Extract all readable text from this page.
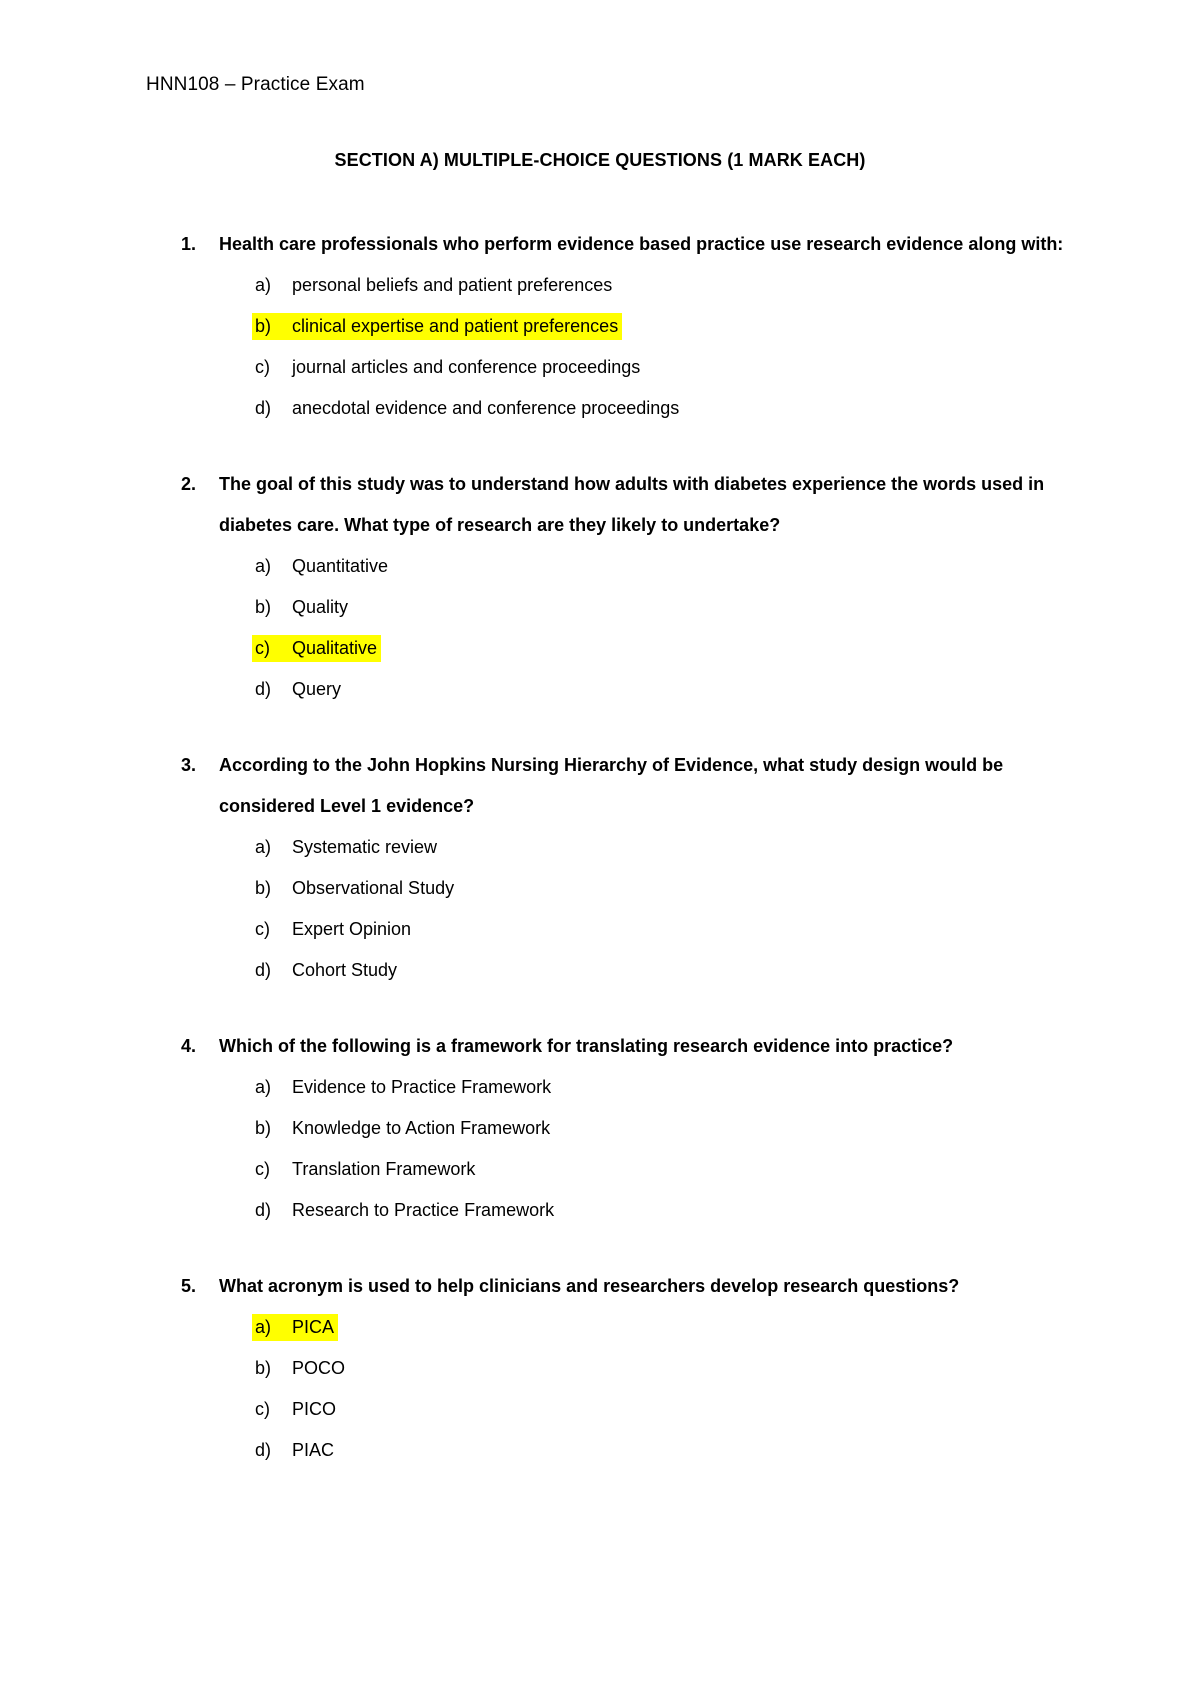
HNN108 – Practice Exam
SECTION A) MULTIPLE-CHOICE QUESTIONS (1 MARK EACH)
1. Health care professionals who perform evidence based practice use research evidence along with:
a) personal beliefs and patient preferences
b) clinical expertise and patient preferences
c) journal articles and conference proceedings
d) anecdotal evidence and conference proceedings
2. The goal of this study was to understand how adults with diabetes experience the words used in diabetes care. What type of research are they likely to undertake?
a) Quantitative
b) Quality
c) Qualitative
d) Query
3. According to the John Hopkins Nursing Hierarchy of Evidence, what study design would be considered Level 1 evidence?
a) Systematic review
b) Observational Study
c) Expert Opinion
d) Cohort Study
4. Which of the following is a framework for translating research evidence into practice?
a) Evidence to Practice Framework
b) Knowledge to Action Framework
c) Translation Framework
d) Research to Practice Framework
5. What acronym is used to help clinicians and researchers develop research questions?
a) PICA
b) POCO
c) PICO
d) PIAC
